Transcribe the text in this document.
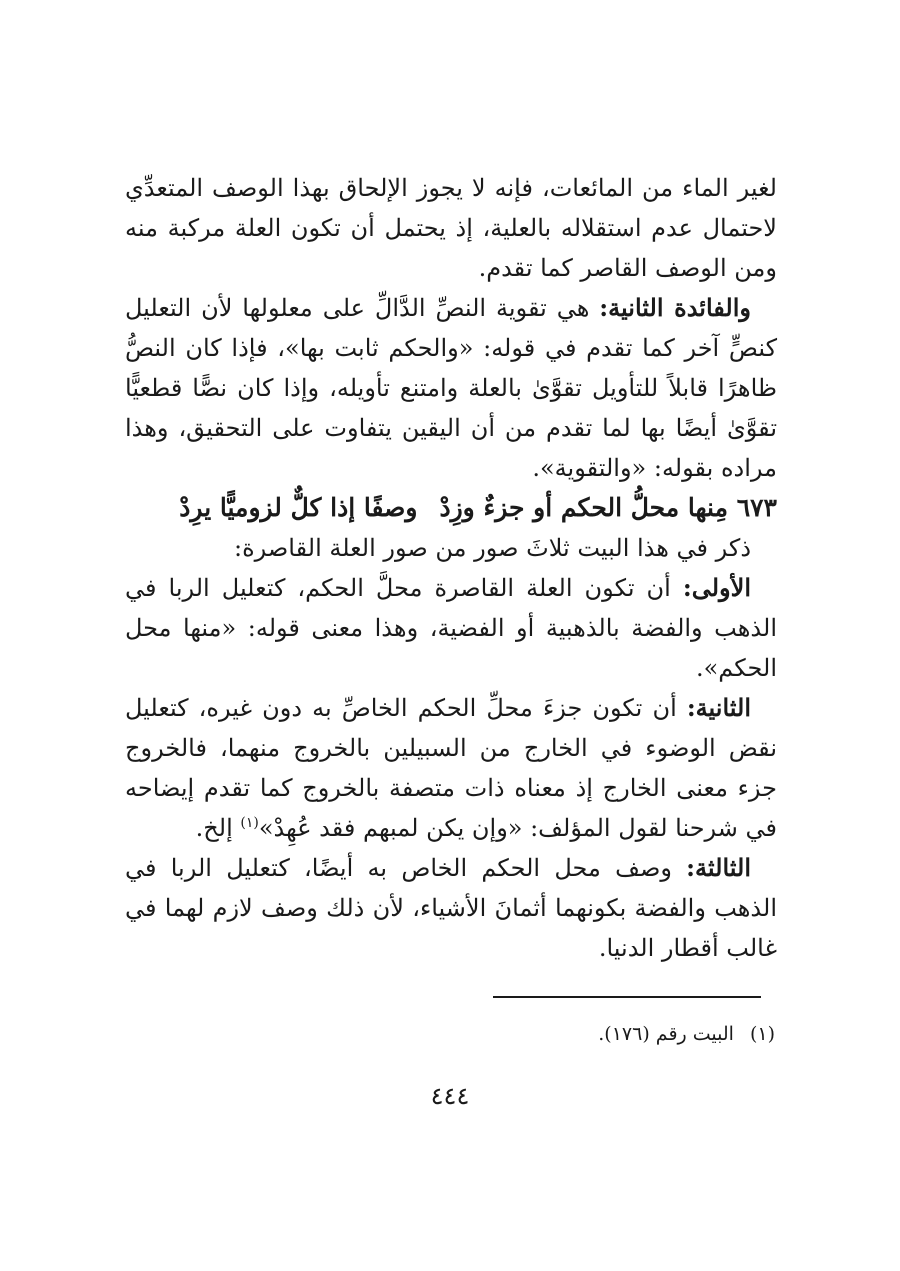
لغير الماء من المائعات، فإنه لا يجوز الإلحاق بهذا الوصف المتعدِّي لاحتمال عدم استقلاله بالعلية، إذ يحتمل أن تكون العلة مركبة منه ومن الوصف القاصر كما تقدم.

والفائدة الثانية: هي تقوية النصِّ الدَّالِّ على معلولها لأن التعليل كنصٍّ آخر كما تقدم في قوله: «والحكم ثابت بها»، فإذا كان النصُّ ظاهرًا قابلاً للتأويل تقوَّىٰ بالعلة وامتنع تأويله، وإذا كان نصًّا قطعيًّا تقوَّىٰ أيضًا بها لما تقدم من أن اليقين يتفاوت على التحقيق، وهذا مراده بقوله: «والتقوية».

٦٧٣ مِنها محلُّ الحكم أو جزءٌ وزِدْوصفًا إذا كلٌّ لزوميًّا يرِدْ

ذكر في هذا البيت ثلاثَ صور من صور العلة القاصرة:

الأولى: أن تكون العلة القاصرة محلَّ الحكم، كتعليل الربا في الذهب والفضة بالذهبية أو الفضية، وهذا معنى قوله: «منها محل الحكم».

الثانية: أن تكون جزءَ محلِّ الحكم الخاصِّ به دون غيره، كتعليل نقض الوضوء في الخارج من السبيلين بالخروج منهما، فالخروج جزء معنى الخارج إذ معناه ذات متصفة بالخروج كما تقدم إيضاحه في شرحنا لقول المؤلف: «وإن يكن لمبهم فقد عُهِدْ»$^{(١)}$ إلخ.

الثالثة: وصف محل الحكم الخاص به أيضًا، كتعليل الربا في الذهب والفضة بكونهما أثمانَ الأشياء، لأن ذلك وصف لازم لهما في غالب أقطار الدنيا.

(١)البيت رقم (١٧٦).
٤٤٤
